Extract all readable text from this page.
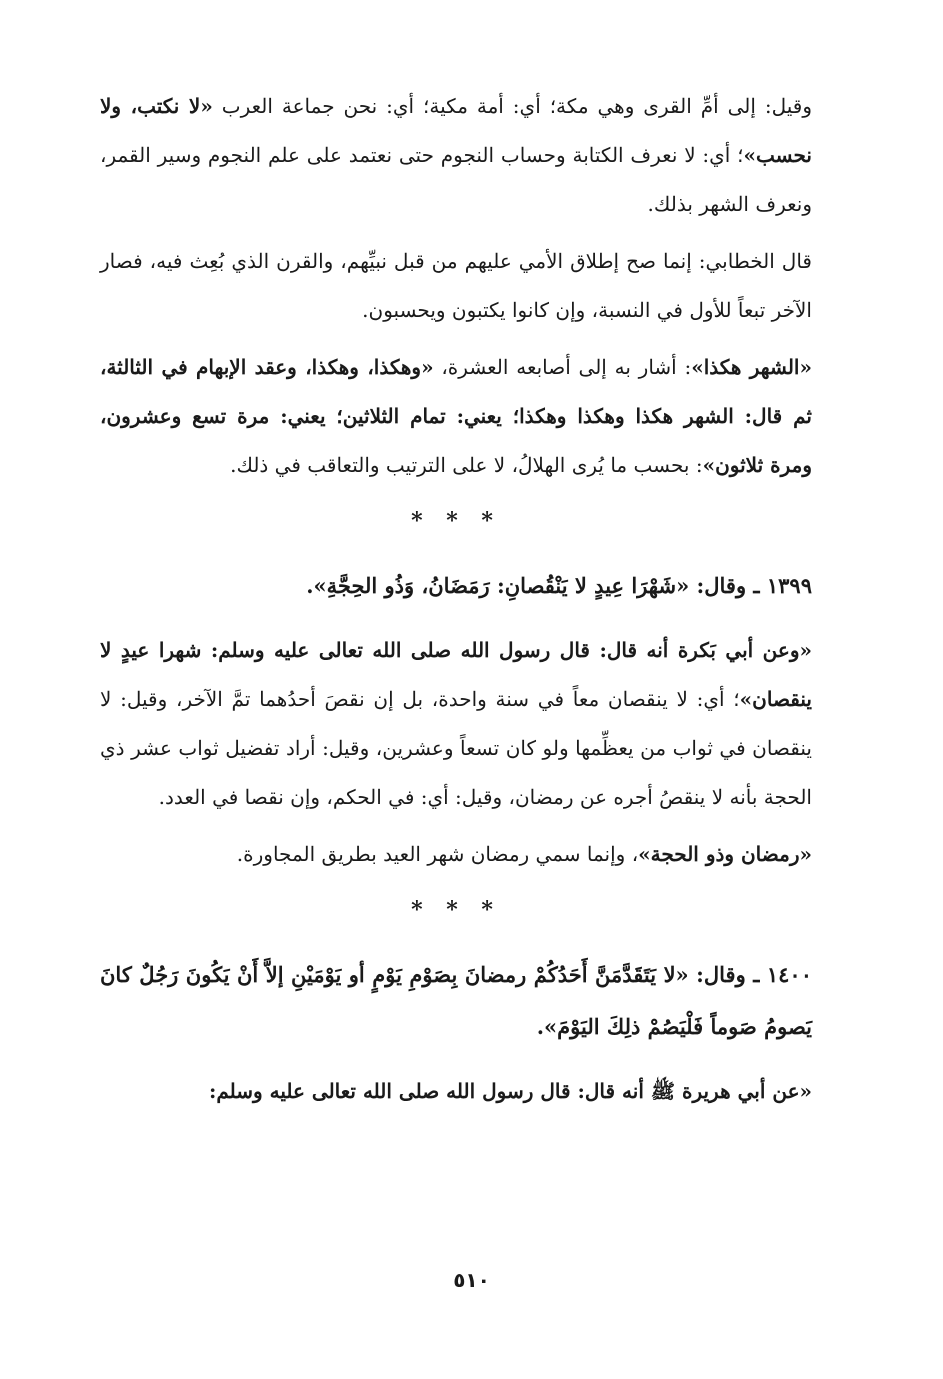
وقيل: إلى أمِّ القرى وهي مكة؛ أي: أمة مكية؛ أي: نحن جماعة العرب «لا نكتب، ولا نحسب»؛ أي: لا نعرف الكتابة وحساب النجوم حتى نعتمد على علم النجوم وسير القمر، ونعرف الشهر بذلك.

قال الخطابي: إنما صح إطلاق الأمي عليهم من قبل نبيِّهم، والقرن الذي بُعِث فيه، فصار الآخر تبعاً للأول في النسبة، وإن كانوا يكتبون ويحسبون.

«الشهر هكذا»: أشار به إلى أصابعه العشرة، «وهكذا، وهكذا، وعقد الإبهام في الثالثة، ثم قال: الشهر هكذا وهكذا وهكذا؛ يعني: تمام الثلاثين؛ يعني: مرة تسع وعشرون، ومرة ثلاثون»: بحسب ما يُرى الهلالُ، لا على الترتيب والتعاقب في ذلك.

* * *
١٣٩٩ ـ وقال: «شَهْرَا عِيدٍ لا يَنْقُصانِ: رَمَضَانُ، وَذُو الحِجَّةِ».

«وعن أبي بَكرة أنه قال: قال رسول الله صلى الله تعالى عليه وسلم: شهرا عيدٍ لا ينقصان»؛ أي: لا ينقصان معاً في سنة واحدة، بل إن نقصَ أحدُهما تمَّ الآخر، وقيل: لا ينقصان في ثواب من يعظِّمها ولو كان تسعاً وعشرين، وقيل: أراد تفضيل ثواب عشر ذي الحجة بأنه لا ينقصُ أجره عن رمضان، وقيل: أي: في الحكم، وإن نقصا في العدد.

«رمضان وذو الحجة»، وإنما سمي رمضان شهر العيد بطريق المجاورة.

* * *
١٤٠٠ ـ وقال: «لا يَتَقَدَّمَنَّ أَحَدُكُمْ رمضانَ بِصَوْمِ يَوْمٍ أو يَوْمَيْنِ إلاَّ أَنْ يَكُونَ رَجُلٌ كانَ يَصومُ صَوماً فَلْيَصُمْ ذلِكَ اليَوْمَ».

«عن أبي هريرة ﷺ أنه قال: قال رسول الله صلى الله تعالى عليه وسلم:

٥١٠
